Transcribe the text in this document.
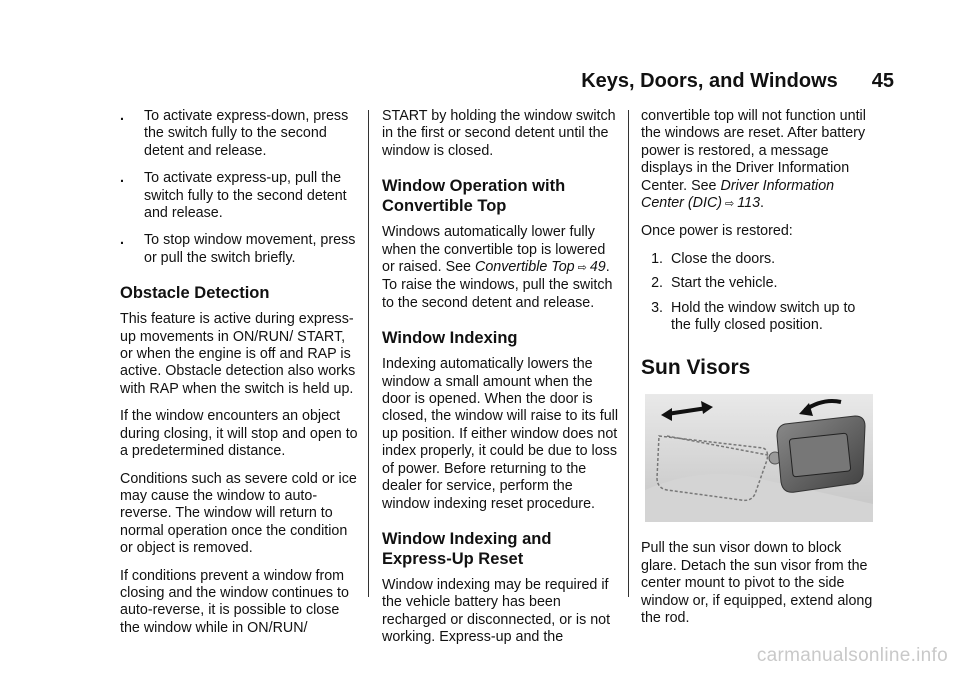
Keys, Doors, and Windows 45
.	To activate express-down, press the switch fully to the second detent and release.
.	To activate express-up, pull the switch fully to the second detent and release.
.	To stop window movement, press or pull the switch briefly.
Obstacle Detection

This feature is active during express-up movements in ON/RUN/ START, or when the engine is off and RAP is active. Obstacle detection also works with RAP when the switch is held up.

If the window encounters an object during closing, it will stop and open to a predetermined distance.

Conditions such as severe cold or ice may cause the window to auto-reverse. The window will return to normal operation once the condition or object is removed.

If conditions prevent a window from closing and the window continues to auto-reverse, it is possible to close the window while in ON/RUN/

START by holding the window switch in the first or second detent until the window is closed.

Window Operation with Convertible Top

Windows automatically lower fully when the convertible top is lowered or raised. See Convertible Top ⇨ 49. To raise the windows, pull the switch to the second detent and release.

Window Indexing

Indexing automatically lowers the window a small amount when the door is opened. When the door is closed, the window will raise to its full up position. If either window does not index properly, it could be due to loss of power. Before returning to the dealer for service, perform the window indexing reset procedure.

Window Indexing and Express-Up Reset

Window indexing may be required if the vehicle battery has been recharged or disconnected, or is not working. Express-up and the

convertible top will not function until the windows are reset. After battery power is restored, a message displays in the Driver Information Center. See Driver Information Center (DIC) ⇨ 113.

Once power is restored:

1. Close the doors.
2. Start the vehicle.
3. Hold the window switch up to the fully closed position.
Sun Visors

Pull the sun visor down to block glare. Detach the sun visor from the center mount to pivot to the side window or, if equipped, extend along the rod.

carmanualsonline.info
